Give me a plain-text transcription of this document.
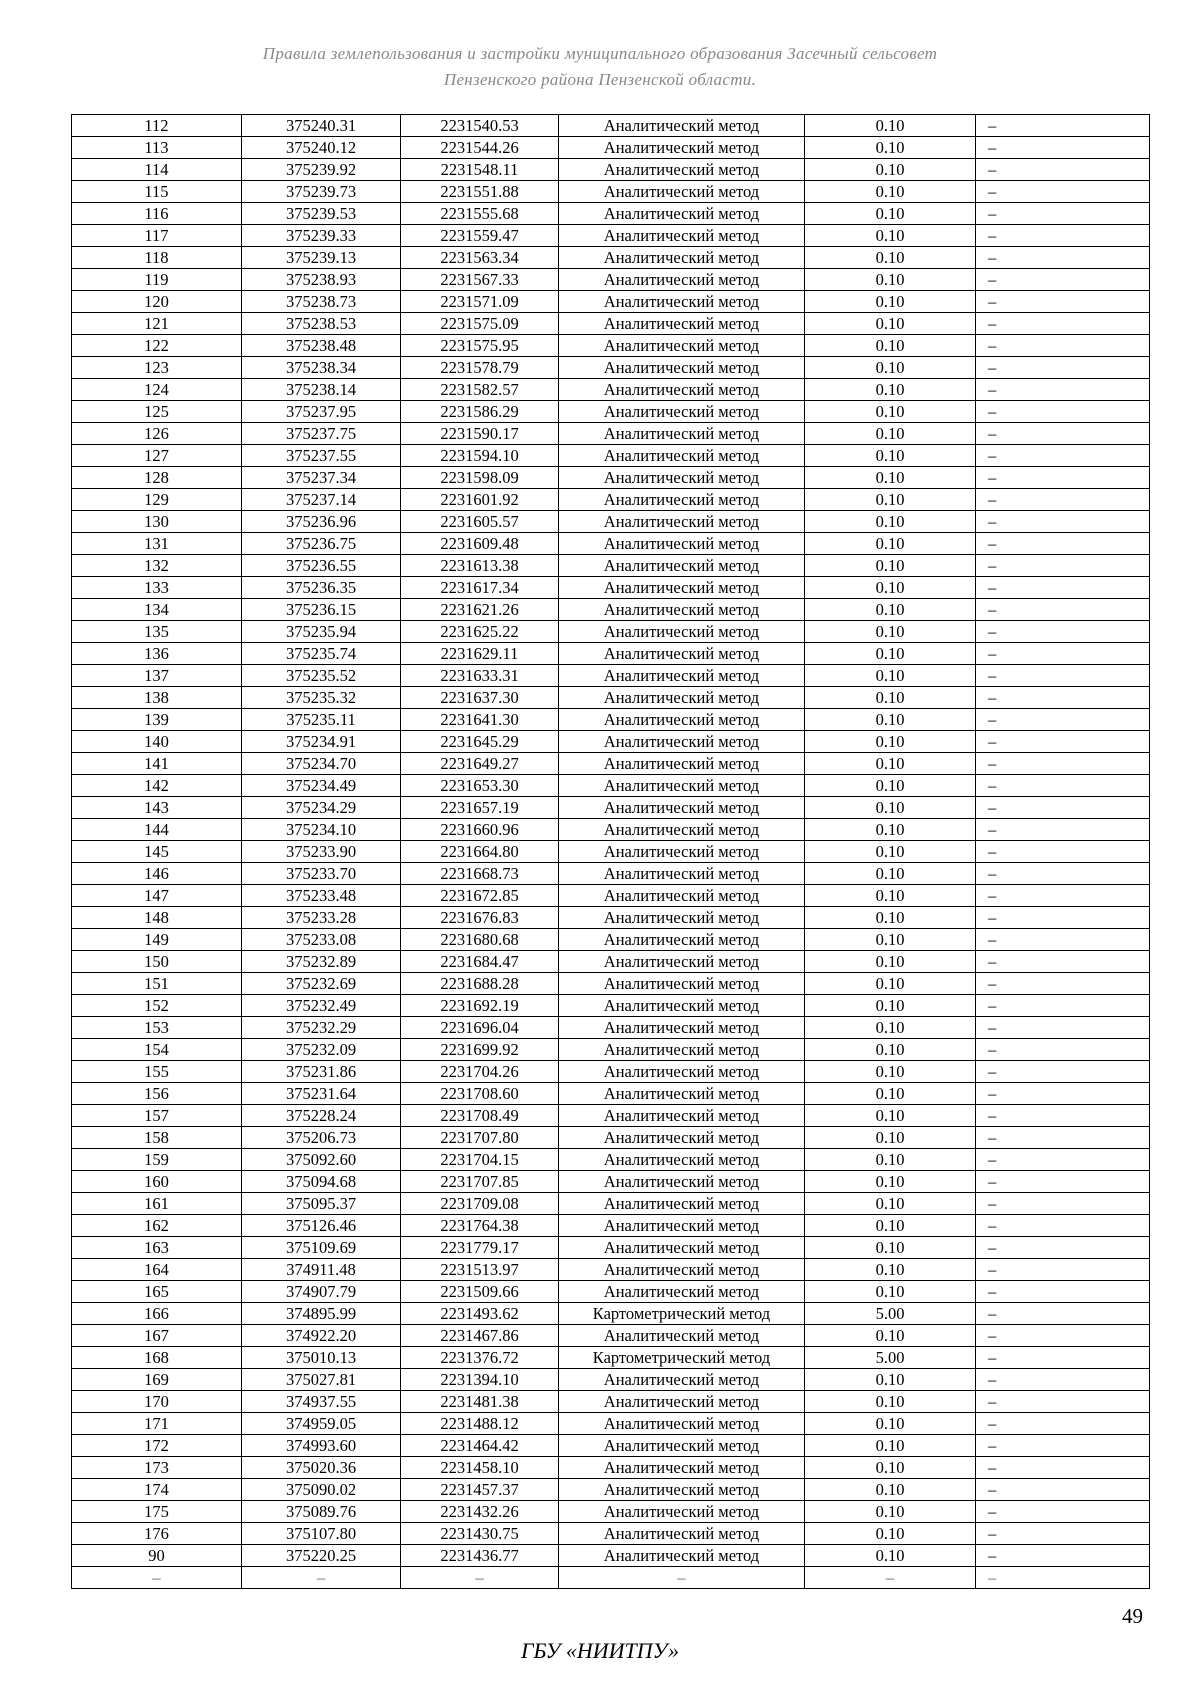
Правила землепользования и застройки муниципального образования Засечный сельсовет
Пензенского района Пензенской области.
112	375240.31	2231540.53	Аналитический метод	0.10	–
113	375240.12	2231544.26	Аналитический метод	0.10	–
114	375239.92	2231548.11	Аналитический метод	0.10	–
115	375239.73	2231551.88	Аналитический метод	0.10	–
116	375239.53	2231555.68	Аналитический метод	0.10	–
117	375239.33	2231559.47	Аналитический метод	0.10	–
118	375239.13	2231563.34	Аналитический метод	0.10	–
119	375238.93	2231567.33	Аналитический метод	0.10	–
120	375238.73	2231571.09	Аналитический метод	0.10	–
121	375238.53	2231575.09	Аналитический метод	0.10	–
122	375238.48	2231575.95	Аналитический метод	0.10	–
123	375238.34	2231578.79	Аналитический метод	0.10	–
124	375238.14	2231582.57	Аналитический метод	0.10	–
125	375237.95	2231586.29	Аналитический метод	0.10	–
126	375237.75	2231590.17	Аналитический метод	0.10	–
127	375237.55	2231594.10	Аналитический метод	0.10	–
128	375237.34	2231598.09	Аналитический метод	0.10	–
129	375237.14	2231601.92	Аналитический метод	0.10	–
130	375236.96	2231605.57	Аналитический метод	0.10	–
131	375236.75	2231609.48	Аналитический метод	0.10	–
132	375236.55	2231613.38	Аналитический метод	0.10	–
133	375236.35	2231617.34	Аналитический метод	0.10	–
134	375236.15	2231621.26	Аналитический метод	0.10	–
135	375235.94	2231625.22	Аналитический метод	0.10	–
136	375235.74	2231629.11	Аналитический метод	0.10	–
137	375235.52	2231633.31	Аналитический метод	0.10	–
138	375235.32	2231637.30	Аналитический метод	0.10	–
139	375235.11	2231641.30	Аналитический метод	0.10	–
140	375234.91	2231645.29	Аналитический метод	0.10	–
141	375234.70	2231649.27	Аналитический метод	0.10	–
142	375234.49	2231653.30	Аналитический метод	0.10	–
143	375234.29	2231657.19	Аналитический метод	0.10	–
144	375234.10	2231660.96	Аналитический метод	0.10	–
145	375233.90	2231664.80	Аналитический метод	0.10	–
146	375233.70	2231668.73	Аналитический метод	0.10	–
147	375233.48	2231672.85	Аналитический метод	0.10	–
148	375233.28	2231676.83	Аналитический метод	0.10	–
149	375233.08	2231680.68	Аналитический метод	0.10	–
150	375232.89	2231684.47	Аналитический метод	0.10	–
151	375232.69	2231688.28	Аналитический метод	0.10	–
152	375232.49	2231692.19	Аналитический метод	0.10	–
153	375232.29	2231696.04	Аналитический метод	0.10	–
154	375232.09	2231699.92	Аналитический метод	0.10	–
155	375231.86	2231704.26	Аналитический метод	0.10	–
156	375231.64	2231708.60	Аналитический метод	0.10	–
157	375228.24	2231708.49	Аналитический метод	0.10	–
158	375206.73	2231707.80	Аналитический метод	0.10	–
159	375092.60	2231704.15	Аналитический метод	0.10	–
160	375094.68	2231707.85	Аналитический метод	0.10	–
161	375095.37	2231709.08	Аналитический метод	0.10	–
162	375126.46	2231764.38	Аналитический метод	0.10	–
163	375109.69	2231779.17	Аналитический метод	0.10	–
164	374911.48	2231513.97	Аналитический метод	0.10	–
165	374907.79	2231509.66	Аналитический метод	0.10	–
166	374895.99	2231493.62	Картометрический метод	5.00	–
167	374922.20	2231467.86	Аналитический метод	0.10	–
168	375010.13	2231376.72	Картометрический метод	5.00	–
169	375027.81	2231394.10	Аналитический метод	0.10	–
170	374937.55	2231481.38	Аналитический метод	0.10	–
171	374959.05	2231488.12	Аналитический метод	0.10	–
172	374993.60	2231464.42	Аналитический метод	0.10	–
173	375020.36	2231458.10	Аналитический метод	0.10	–
174	375090.02	2231457.37	Аналитический метод	0.10	–
175	375089.76	2231432.26	Аналитический метод	0.10	–
176	375107.80	2231430.75	Аналитический метод	0.10	–
90	375220.25	2231436.77	Аналитический метод	0.10	–
–	–	–	–	–	–
49
ГБУ «НИИТПУ»
